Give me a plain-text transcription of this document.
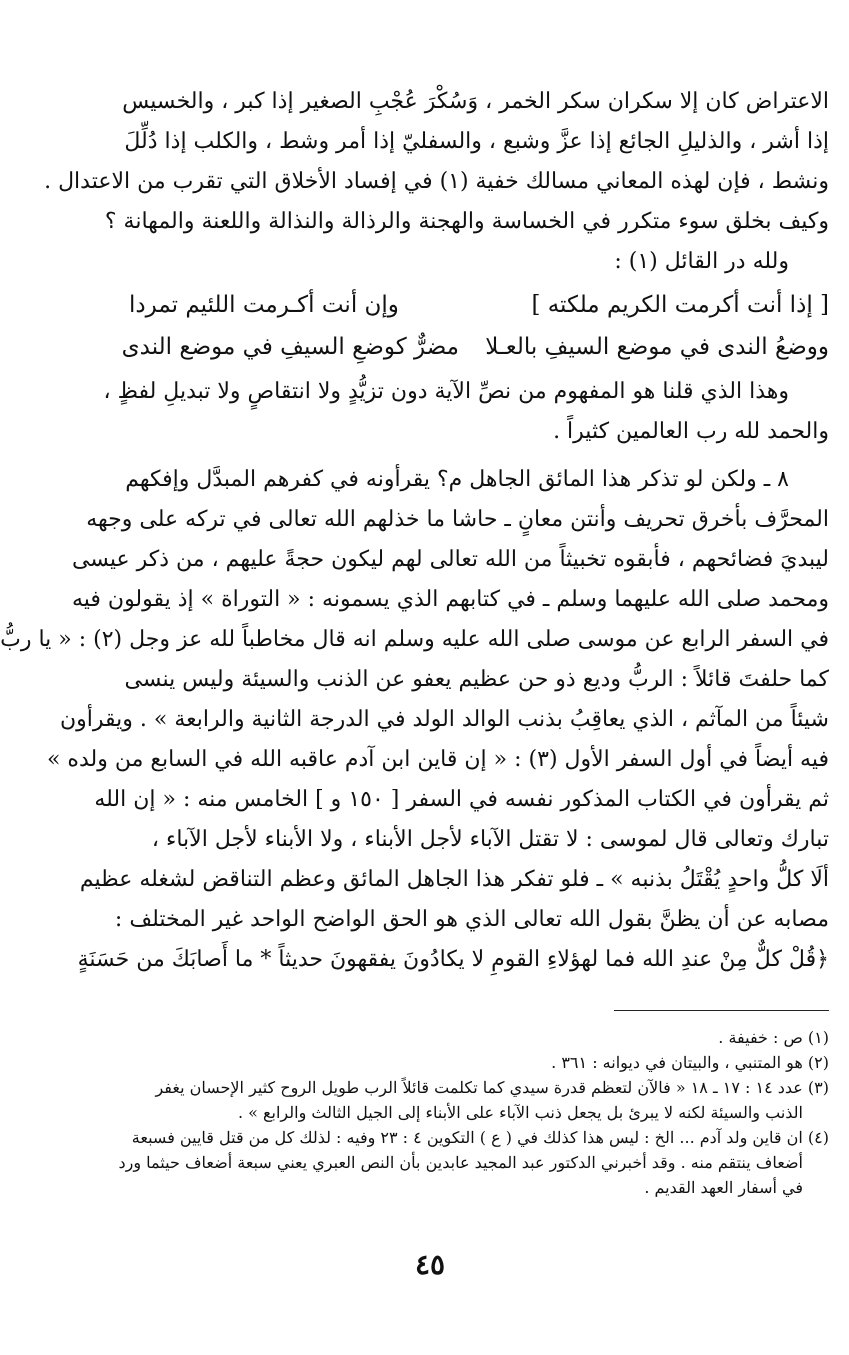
الاعتراض كان إلا سكران سكر الخمر ، وَسُكْرَ عُجْبِ الصغير إذا كبر ، والخسيس
إذا أشر ، والذليلِ الجائع إذا عزَّ وشبع ، والسفليّ إذا أمر وشط ، والكلب إذا دُلِّلَ
ونشط ، فإن لهذه المعاني مسالك خفية (١) في إفساد الأخلاق التي تقرب من الاعتدال .
وكيف بخلق سوء متكرر في الخساسة والهجنة والرذالة والنذالة واللعنة والمهانة ؟
ولله در القائل (١) :
[ إذا أنت أكرمت الكريم ملكته ]
وإن أنت أكـرمت اللئيم تمردا
ووضعُ الندى في موضع السيفِ بالعـلا
مضرٌّ كوضعِ السيفِ في موضع الندى
وهذا الذي قلنا هو المفهوم من نصِّ الآية دون تزيُّدٍ ولا انتقاصٍ ولا تبديلِ لفظٍ ،
والحمد لله رب العالمين كثيراً .
٨ ـ ولكن لو تذكر هذا المائق الجاهل م؟ يقرأونه في كفرهم المبدَّل وإفكهم
المحرَّف بأخرق تحريف وأنتن معانٍ ـ حاشا ما خذلهم الله تعالى في تركه على وجهه
ليبديَ فضائحهم ، فأبقوه تخبيثاً من الله تعالى لهم ليكون حجةً عليهم ، من ذكر عيسى
ومحمد صلى الله عليهما وسلم ـ في كتابهم الذي يسمونه : « التوراة » إذ يقولون فيه
في السفر الرابع عن موسى صلى الله عليه وسلم انه قال مخاطباً لله عز وجل (٢) : « يا ربُّ
كما حلفتَ قائلاً : الربُّ وديع ذو حن عظيم يعفو عن الذنب والسيئة وليس ينسى
شيئاً من المآثم ، الذي يعاقِبُ بذنب الوالد الولد في الدرجة الثانية والرابعة » . ويقرأون
فيه أيضاً في أول السفر الأول (٣) : « إن قاين ابن آدم عاقبه الله في السابع من ولده »
ثم يقرأون في الكتاب المذكور نفسه في السفر [ ١٥٠ و ] الخامس منه : « إن الله
تبارك وتعالى قال لموسى : لا تقتل الآباء لأجل الأبناء ، ولا الأبناء لأجل الآباء ،
ألَا كلُّ واحدٍ يُقْتَلُ بذنبه » ـ فلو تفكر هذا الجاهل المائق وعظم التناقض لشغله عظيم
مصابه عن أن يظنَّ بقول الله تعالى الذي هو الحق الواضح الواحد غير المختلف :
﴿قُلْ كلٌّ مِنْ عندِ الله فما لهؤلاءِ القومِ لا يكادُونَ يفقهونَ حديثاً * ما أَصابَكَ من حَسَنَةٍ
(١) ص : خفيفة .
(٢) هو المتنبي ، والبيتان في ديوانه : ٣٦١ .
(٣) عدد ١٤ : ١٧ ـ ١٨ « فالآن لتعظم قدرة سيدي كما تكلمت قائلاً الرب طويل الروح كثير الإحسان يغفر
الذنب والسيئة لكنه لا يبرئ بل يجعل ذنب الآباء على الأبناء إلى الجيل الثالث والرابع » .
(٤) ان قاين ولد آدم ... الخ : ليس هذا كذلك في ( ع ) التكوين ٤ : ٢٣ وفيه : لذلك كل من قتل قايين فسبعة
أضعاف ينتقم منه . وقد أخبرني الدكتور عبد المجيد عابدين بأن النص العبري يعني سبعة أضعاف حيثما ورد
في أسفار العهد القديم .
٤٥
